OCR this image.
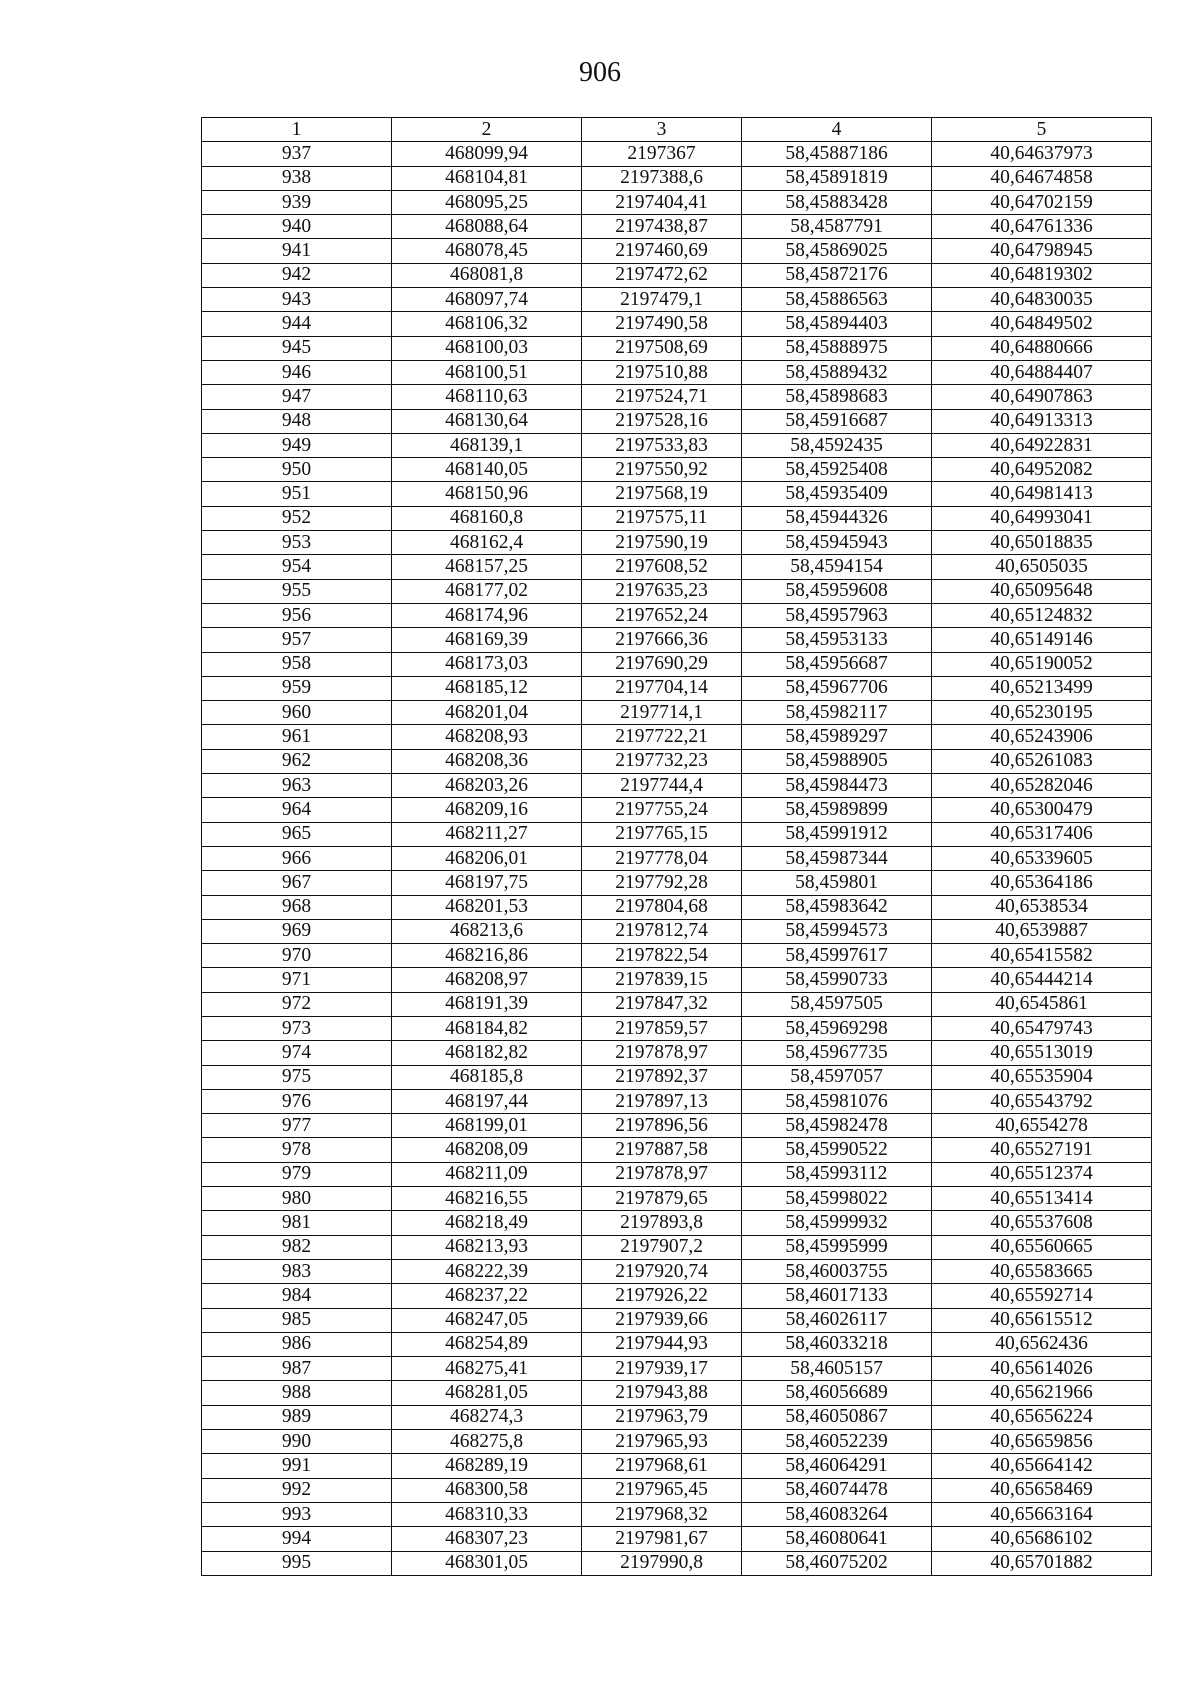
906
1	2	3	4	5
937	468099,94	2197367	58,45887186	40,64637973
938	468104,81	2197388,6	58,45891819	40,64674858
939	468095,25	2197404,41	58,45883428	40,64702159
940	468088,64	2197438,87	58,4587791	40,64761336
941	468078,45	2197460,69	58,45869025	40,64798945
942	468081,8	2197472,62	58,45872176	40,64819302
943	468097,74	2197479,1	58,45886563	40,64830035
944	468106,32	2197490,58	58,45894403	40,64849502
945	468100,03	2197508,69	58,45888975	40,64880666
946	468100,51	2197510,88	58,45889432	40,64884407
947	468110,63	2197524,71	58,45898683	40,64907863
948	468130,64	2197528,16	58,45916687	40,64913313
949	468139,1	2197533,83	58,4592435	40,64922831
950	468140,05	2197550,92	58,45925408	40,64952082
951	468150,96	2197568,19	58,45935409	40,64981413
952	468160,8	2197575,11	58,45944326	40,64993041
953	468162,4	2197590,19	58,45945943	40,65018835
954	468157,25	2197608,52	58,4594154	40,6505035
955	468177,02	2197635,23	58,45959608	40,65095648
956	468174,96	2197652,24	58,45957963	40,65124832
957	468169,39	2197666,36	58,45953133	40,65149146
958	468173,03	2197690,29	58,45956687	40,65190052
959	468185,12	2197704,14	58,45967706	40,65213499
960	468201,04	2197714,1	58,45982117	40,65230195
961	468208,93	2197722,21	58,45989297	40,65243906
962	468208,36	2197732,23	58,45988905	40,65261083
963	468203,26	2197744,4	58,45984473	40,65282046
964	468209,16	2197755,24	58,45989899	40,65300479
965	468211,27	2197765,15	58,45991912	40,65317406
966	468206,01	2197778,04	58,45987344	40,65339605
967	468197,75	2197792,28	58,459801	40,65364186
968	468201,53	2197804,68	58,45983642	40,6538534
969	468213,6	2197812,74	58,45994573	40,6539887
970	468216,86	2197822,54	58,45997617	40,65415582
971	468208,97	2197839,15	58,45990733	40,65444214
972	468191,39	2197847,32	58,4597505	40,6545861
973	468184,82	2197859,57	58,45969298	40,65479743
974	468182,82	2197878,97	58,45967735	40,65513019
975	468185,8	2197892,37	58,4597057	40,65535904
976	468197,44	2197897,13	58,45981076	40,65543792
977	468199,01	2197896,56	58,45982478	40,6554278
978	468208,09	2197887,58	58,45990522	40,65527191
979	468211,09	2197878,97	58,45993112	40,65512374
980	468216,55	2197879,65	58,45998022	40,65513414
981	468218,49	2197893,8	58,45999932	40,65537608
982	468213,93	2197907,2	58,45995999	40,65560665
983	468222,39	2197920,74	58,46003755	40,65583665
984	468237,22	2197926,22	58,46017133	40,65592714
985	468247,05	2197939,66	58,46026117	40,65615512
986	468254,89	2197944,93	58,46033218	40,6562436
987	468275,41	2197939,17	58,4605157	40,65614026
988	468281,05	2197943,88	58,46056689	40,65621966
989	468274,3	2197963,79	58,46050867	40,65656224
990	468275,8	2197965,93	58,46052239	40,65659856
991	468289,19	2197968,61	58,46064291	40,65664142
992	468300,58	2197965,45	58,46074478	40,65658469
993	468310,33	2197968,32	58,46083264	40,65663164
994	468307,23	2197981,67	58,46080641	40,65686102
995	468301,05	2197990,8	58,46075202	40,65701882
